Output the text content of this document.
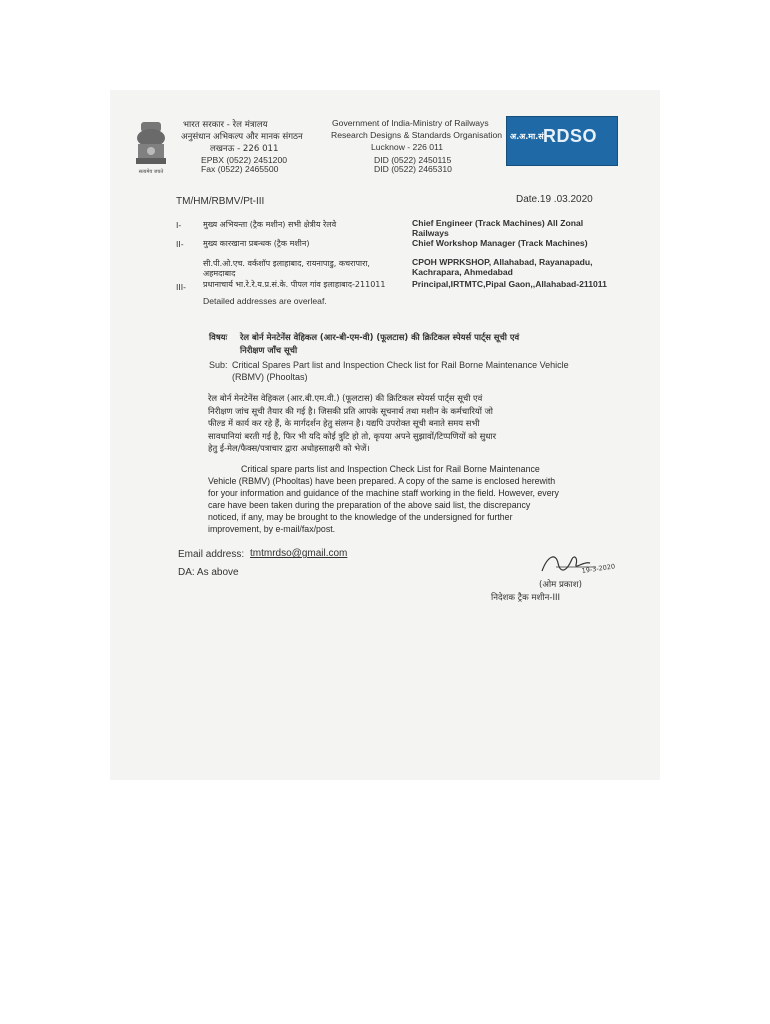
सत्यमेव जयते
भारत सरकार - रेल मंत्रालय
अनुसंधान अभिकल्प और मानक संगठन
लखनऊ - 226 011
EPBX (0522) 2451200
Fax (0522) 2465500
Government of India-Ministry of Railways
Research Designs & Standards Organisation
Lucknow - 226 011
DID (0522) 2450115
DID (0522) 2465310
अ.अ.मा.सं.
RDSO
TM/HM/RBMV/Pt-III	Date.19 .03.2020
I-	मुख्य अभियन्ता (ट्रैक मशीन) सभी क्षेत्रीय रेलवे	Chief Engineer (Track Machines) All Zonal
Railways
II- मुख्य कारखाना प्रबन्धक (ट्रैक मशीन)	Chief Workshop Manager (Track Machines)
सी.पी.ओ.एच. वर्कशॉप इलाहाबाद, रायनापाडु, कचरापारा,
अहमदाबाद
CPOH WPRKSHOP, Allahabad, Rayanapadu,
Kachrapara, Ahmedabad
III- प्रधानाचार्य भा.रे.रे.य.प्र.सं.के. पीपल गांव इलाहाबाद-211011	Principal,IRTMTC,Pipal Gaon,,Allahabad-211011
Detailed addresses are overleaf.
विषयः रेल बोर्न मेनटेनेंस वेहिकल (आर-बी-एम-वी) (फूलटास) की क्रिटिकल स्पेयर्स पार्ट्स सूची एवं
निरीक्षण जाँच सूची
Sub: Critical Spares Part list and Inspection Check list for Rail Borne Maintenance Vehicle
(RBMV) (Phooltas)
रेल बोर्न मेनटेनेंस वेहिकल (आर.बी.एम.वी.) (फूलटास) की क्रिटिकल स्पेयर्स पार्ट्स सूची एवं
निरीक्षण जांच सूची तैयार की गई है। जिसकी प्रति आपके सूचनार्थ तथा मशीन के कर्मचारियों जो
फील्ड में कार्य कर रहे हैं, के मार्गदर्शन हेतु संलग्न है। यद्यपि उपरोक्त सूची बनाते समय सभी
सावधानियां बरती गई है, फिर भी यदि कोई त्रुटि हो तो, कृपया अपने सुझावों/टिप्पणियों को सुधार
हेतु ई-मेल/फैक्स/पत्राचार द्वारा अधोहस्ताक्षरी को भेजें।
Critical spare parts list and Inspection Check List for Rail Borne Maintenance
Vehicle (RBMV) (Phooltas) have been prepared. A copy of the same is enclosed herewith
for your information and guidance of the machine staff working in the field. However, every
care have been taken during the preparation of the above said list, the discrepancy
noticed, if any, may be brought to the knowledge of the undersigned for further
improvement, by e-mail/fax/post.
Email address: tmtmrdso@gmail.com
DA: As above	19-3-2020
(ओम प्रकाश)
निदेशक ट्रैक मशीन-III
